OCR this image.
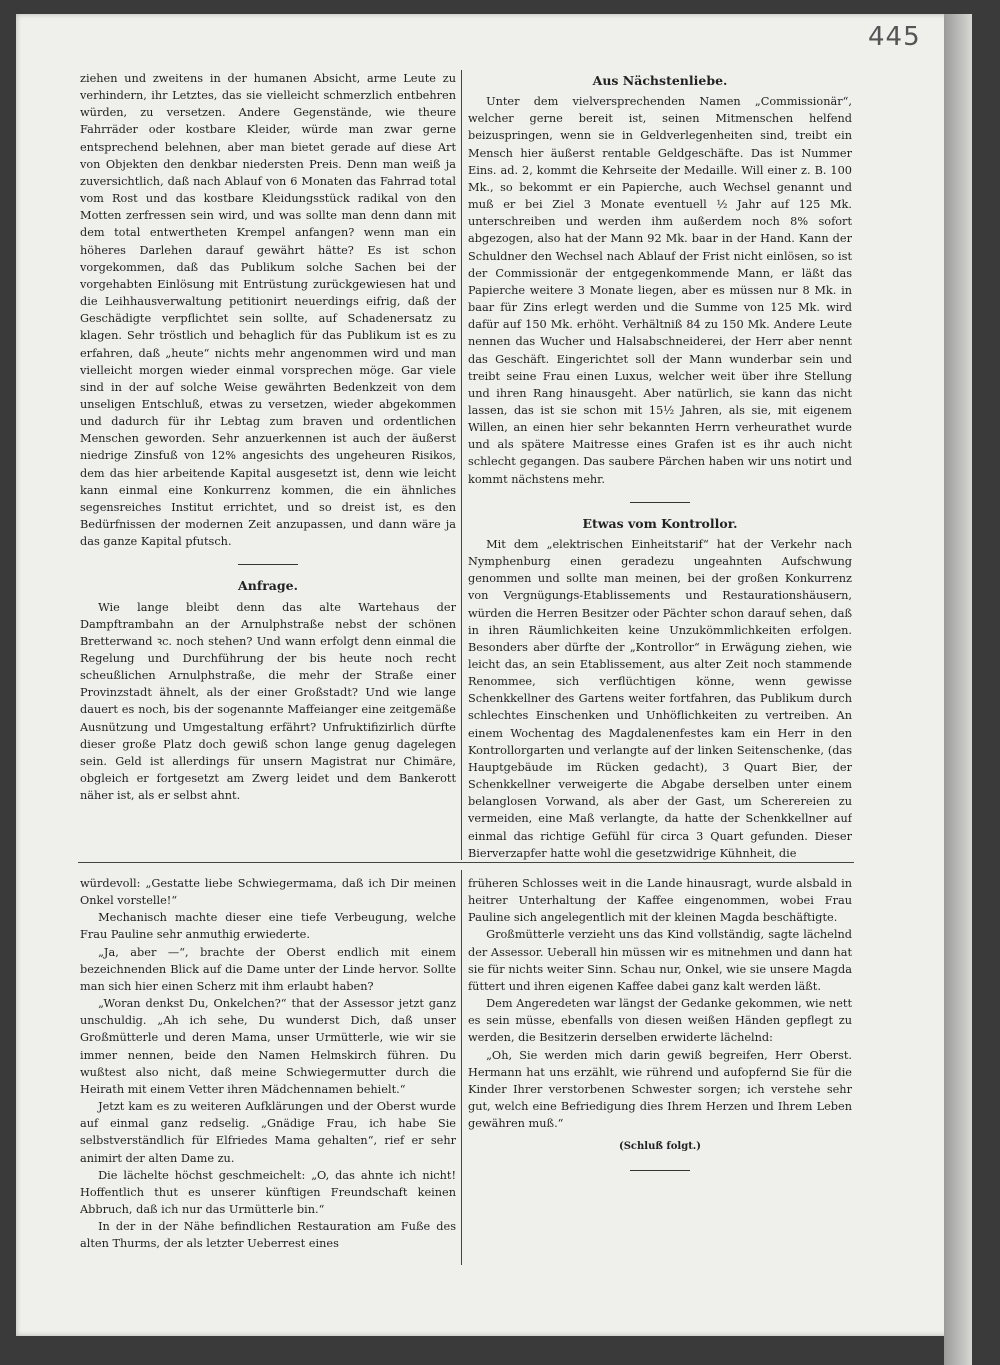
445

ziehen und zweitens in der humanen Absicht, arme Leute zu verhindern, ihr Letztes, das sie vielleicht schmerzlich entbehren würden, zu versetzen. Andere Gegenstände, wie theure Fahrräder oder kostbare Kleider, würde man zwar gerne entsprechend belehnen, aber man bietet gerade auf diese Art von Objekten den denkbar niedersten Preis. Denn man weiß ja zuversichtlich, daß nach Ablauf von 6 Monaten das Fahrrad total vom Rost und das kostbare Kleidungsstück radikal von den Motten zerfressen sein wird, und was sollte man denn dann mit dem total entwertheten Krempel anfangen? wenn man ein höheres Darlehen darauf gewährt hätte? Es ist schon vorgekommen, daß das Publikum solche Sachen bei der vorgehabten Einlösung mit Entrüstung zurückgewiesen hat und die Leihhausverwaltung petitionirt neuerdings eifrig, daß der Geschädigte verpflichtet sein sollte, auf Schadenersatz zu klagen. Sehr tröstlich und behaglich für das Publikum ist es zu erfahren, daß „heute“ nichts mehr angenommen wird und man vielleicht morgen wieder einmal vorsprechen möge. Gar viele sind in der auf solche Weise gewährten Bedenkzeit von dem unseligen Entschluß, etwas zu versetzen, wieder abgekommen und dadurch für ihr Lebtag zum braven und ordentlichen Menschen geworden. Sehr anzuerkennen ist auch der äußerst niedrige Zinsfuß von 12% angesichts des ungeheuren Risikos, dem das hier arbeitende Kapital ausgesetzt ist, denn wie leicht kann einmal eine Konkurrenz kommen, die ein ähnliches segensreiches Institut errichtet, und so dreist ist, es den Bedürfnissen der modernen Zeit anzupassen, und dann wäre ja das ganze Kapital pfutsch.

Anfrage.

Wie lange bleibt denn das alte Wartehaus der Dampftrambahn an der Arnulphstraße nebst der schönen Bretterwand ꝛc. noch stehen? Und wann erfolgt denn einmal die Regelung und Durchführung der bis heute noch recht scheußlichen Arnulphstraße, die mehr der Straße einer Provinzstadt ähnelt, als der einer Großstadt? Und wie lange dauert es noch, bis der sogenannte Maffeianger eine zeitgemäße Ausnützung und Umgestaltung erfährt? Unfruktifizirlich dürfte dieser große Platz doch gewiß schon lange genug dagelegen sein. Geld ist allerdings für unsern Magistrat nur Chimäre, obgleich er fortgesetzt am Zwerg leidet und dem Bankerott näher ist, als er selbst ahnt.

Aus Nächstenliebe.

Unter dem vielversprechenden Namen „Commissionär“, welcher gerne bereit ist, seinen Mitmenschen helfend beizuspringen, wenn sie in Geldverlegenheiten sind, treibt ein Mensch hier äußerst rentable Geldgeschäfte. Das ist Nummer Eins. ad. 2, kommt die Kehrseite der Medaille. Will einer z. B. 100 Mk., so bekommt er ein Papierche, auch Wechsel genannt und muß er bei Ziel 3 Monate eventuell ½ Jahr auf 125 Mk. unterschreiben und werden ihm außerdem noch 8% sofort abgezogen, also hat der Mann 92 Mk. baar in der Hand. Kann der Schuldner den Wechsel nach Ablauf der Frist nicht einlösen, so ist der Commissionär der entgegenkommende Mann, er läßt das Papierche weitere 3 Monate liegen, aber es müssen nur 8 Mk. in baar für Zins erlegt werden und die Summe von 125 Mk. wird dafür auf 150 Mk. erhöht. Verhältniß 84 zu 150 Mk. Andere Leute nennen das Wucher und Halsabschneiderei, der Herr aber nennt das Geschäft. Eingerichtet soll der Mann wunderbar sein und treibt seine Frau einen Luxus, welcher weit über ihre Stellung und ihren Rang hinausgeht. Aber natürlich, sie kann das nicht lassen, das ist sie schon mit 15½ Jahren, als sie, mit eigenem Willen, an einen hier sehr bekannten Herrn verheurathet wurde und als spätere Maitresse eines Grafen ist es ihr auch nicht schlecht gegangen. Das saubere Pärchen haben wir uns notirt und kommt nächstens mehr.

Etwas vom Kontrollor.

Mit dem „elektrischen Einheitstarif“ hat der Verkehr nach Nymphenburg einen geradezu ungeahnten Aufschwung genommen und sollte man meinen, bei der großen Konkurrenz von Vergnügungs-Etablissements und Restaurationshäusern, würden die Herren Besitzer oder Pächter schon darauf sehen, daß in ihren Räumlichkeiten keine Unzukömmlichkeiten erfolgen. Besonders aber dürfte der „Kontrollor“ in Erwägung ziehen, wie leicht das, an sein Etablissement, aus alter Zeit noch stammende Renommee, sich verflüchtigen könne, wenn gewisse Schenkkellner des Gartens weiter fortfahren, das Publikum durch schlechtes Einschenken und Unhöflichkeiten zu vertreiben. An einem Wochentag des Magdalenenfestes kam ein Herr in den Kontrollorgarten und verlangte auf der linken Seitenschenke, (das Hauptgebäude im Rücken gedacht), 3 Quart Bier, der Schenkkellner verweigerte die Abgabe derselben unter einem belanglosen Vorwand, als aber der Gast, um Scherereien zu vermeiden, eine Maß verlangte, da hatte der Schenkkellner auf einmal das richtige Gefühl für circa 3 Quart gefunden. Dieser Bierverzapfer hatte wohl die gesetzwidrige Kühnheit, die

würdevoll: „Gestatte liebe Schwiegermama, daß ich Dir meinen Onkel vorstelle!“

Mechanisch machte dieser eine tiefe Verbeugung, welche Frau Pauline sehr anmuthig erwiederte.

„Ja, aber —“, brachte der Oberst endlich mit einem bezeichnenden Blick auf die Dame unter der Linde hervor. Sollte man sich hier einen Scherz mit ihm erlaubt haben?

„Woran denkst Du, Onkelchen?“ that der Assessor jetzt ganz unschuldig. „Ah ich sehe, Du wunderst Dich, daß unser Großmütterle und deren Mama, unser Urmütterle, wie wir sie immer nennen, beide den Namen Helmskirch führen. Du wußtest also nicht, daß meine Schwiegermutter durch die Heirath mit einem Vetter ihren Mädchennamen behielt.“

Jetzt kam es zu weiteren Aufklärungen und der Oberst wurde auf einmal ganz redselig. „Gnädige Frau, ich habe Sie selbstverständlich für Elfriedes Mama gehalten“, rief er sehr animirt der alten Dame zu.

Die lächelte höchst geschmeichelt: „O, das ahnte ich nicht! Hoffentlich thut es unserer künftigen Freundschaft keinen Abbruch, daß ich nur das Urmütterle bin.“

In der in der Nähe befindlichen Restauration am Fuße des alten Thurms, der als letzter Ueberrest eines

früheren Schlosses weit in die Lande hinausragt, wurde alsbald in heitrer Unterhaltung der Kaffee eingenommen, wobei Frau Pauline sich angelegentlich mit der kleinen Magda beschäftigte.

Großmütterle verzieht uns das Kind vollständig, sagte lächelnd der Assessor. Ueberall hin müssen wir es mitnehmen und dann hat sie für nichts weiter Sinn. Schau nur, Onkel, wie sie unsere Magda füttert und ihren eigenen Kaffee dabei ganz kalt werden läßt.

Dem Angeredeten war längst der Gedanke gekommen, wie nett es sein müsse, ebenfalls von diesen weißen Händen gepflegt zu werden, die Besitzerin derselben erwiderte lächelnd:

„Oh, Sie werden mich darin gewiß begreifen, Herr Oberst. Hermann hat uns erzählt, wie rührend und aufopfernd Sie für die Kinder Ihrer verstorbenen Schwester sorgen; ich verstehe sehr gut, welch eine Befriedigung dies Ihrem Herzen und Ihrem Leben gewähren muß.“

(Schluß folgt.)
